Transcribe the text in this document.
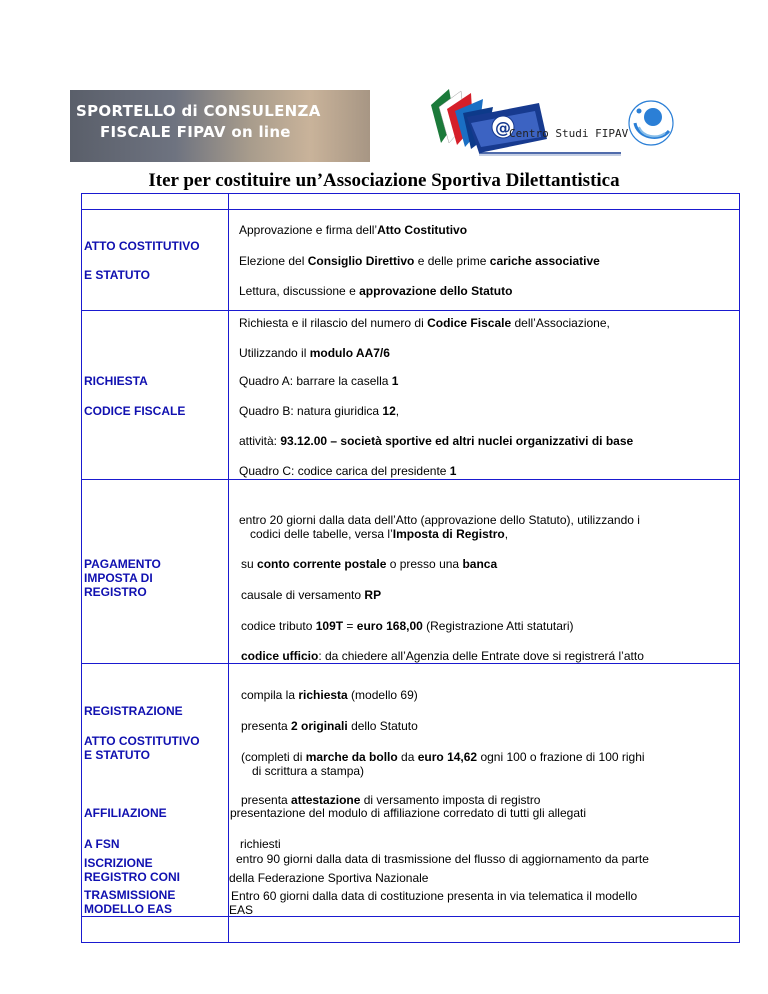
SPORTELLO di CONSULENZA
FISCALE FIPAV on line	@
Centro Studi FIPAV
Iter per costituire un’Associazione Sportiva Dilettantistica
ATTO COSTITUTIVO
E STATUTO
Approvazione e firma dell’Atto Costitutivo
Elezione del Consiglio Direttivo e delle prime cariche associative
Lettura, discussione e approvazione dello Statuto
RICHIESTA
CODICE FISCALE
Richiesta e il rilascio del numero di Codice Fiscale dell’Associazione,
Utilizzando il modulo AA7/6
Quadro A: barrare la casella 1
Quadro B: natura giuridica 12,
attività: 93.12.00 – società sportive ed altri nuclei organizzativi di base
Quadro C: codice carica del presidente 1
PAGAMENTO
IMPOSTA DI
REGISTRO
entro 20 giorni dalla data dell’Atto (approvazione dello Statuto), utilizzando i
codici delle tabelle, versa l’Imposta di Registro,
su conto corrente postale o presso una banca
causale di versamento RP
codice tributo 109T = euro 168,00 (Registrazione Atti statutari)
codice ufficio: da chiedere all’Agenzia delle Entrate dove si registrerá l’atto
REGISTRAZIONE
ATTO COSTITUTIVO
E STATUTO
compila la richiesta (modello 69)
presenta 2 originali dello Statuto
(completi di marche da bollo da euro 14,62 ogni 100 o frazione di 100 righi
di scrittura a stampa)
presenta attestazione di versamento imposta di registro
AFFILIAZIONE
A FSN
presentazione del modulo di affiliazione corredato di tutti gli allegati
richiesti
ISCRIZIONE
REGISTRO CONI
entro 90 giorni dalla data di trasmissione del flusso di aggiornamento da parte
della Federazione Sportiva Nazionale
TRASMISSIONE
MODELLO EAS
Entro 60 giorni dalla data di costituzione presenta in via telematica il modello
EAS
